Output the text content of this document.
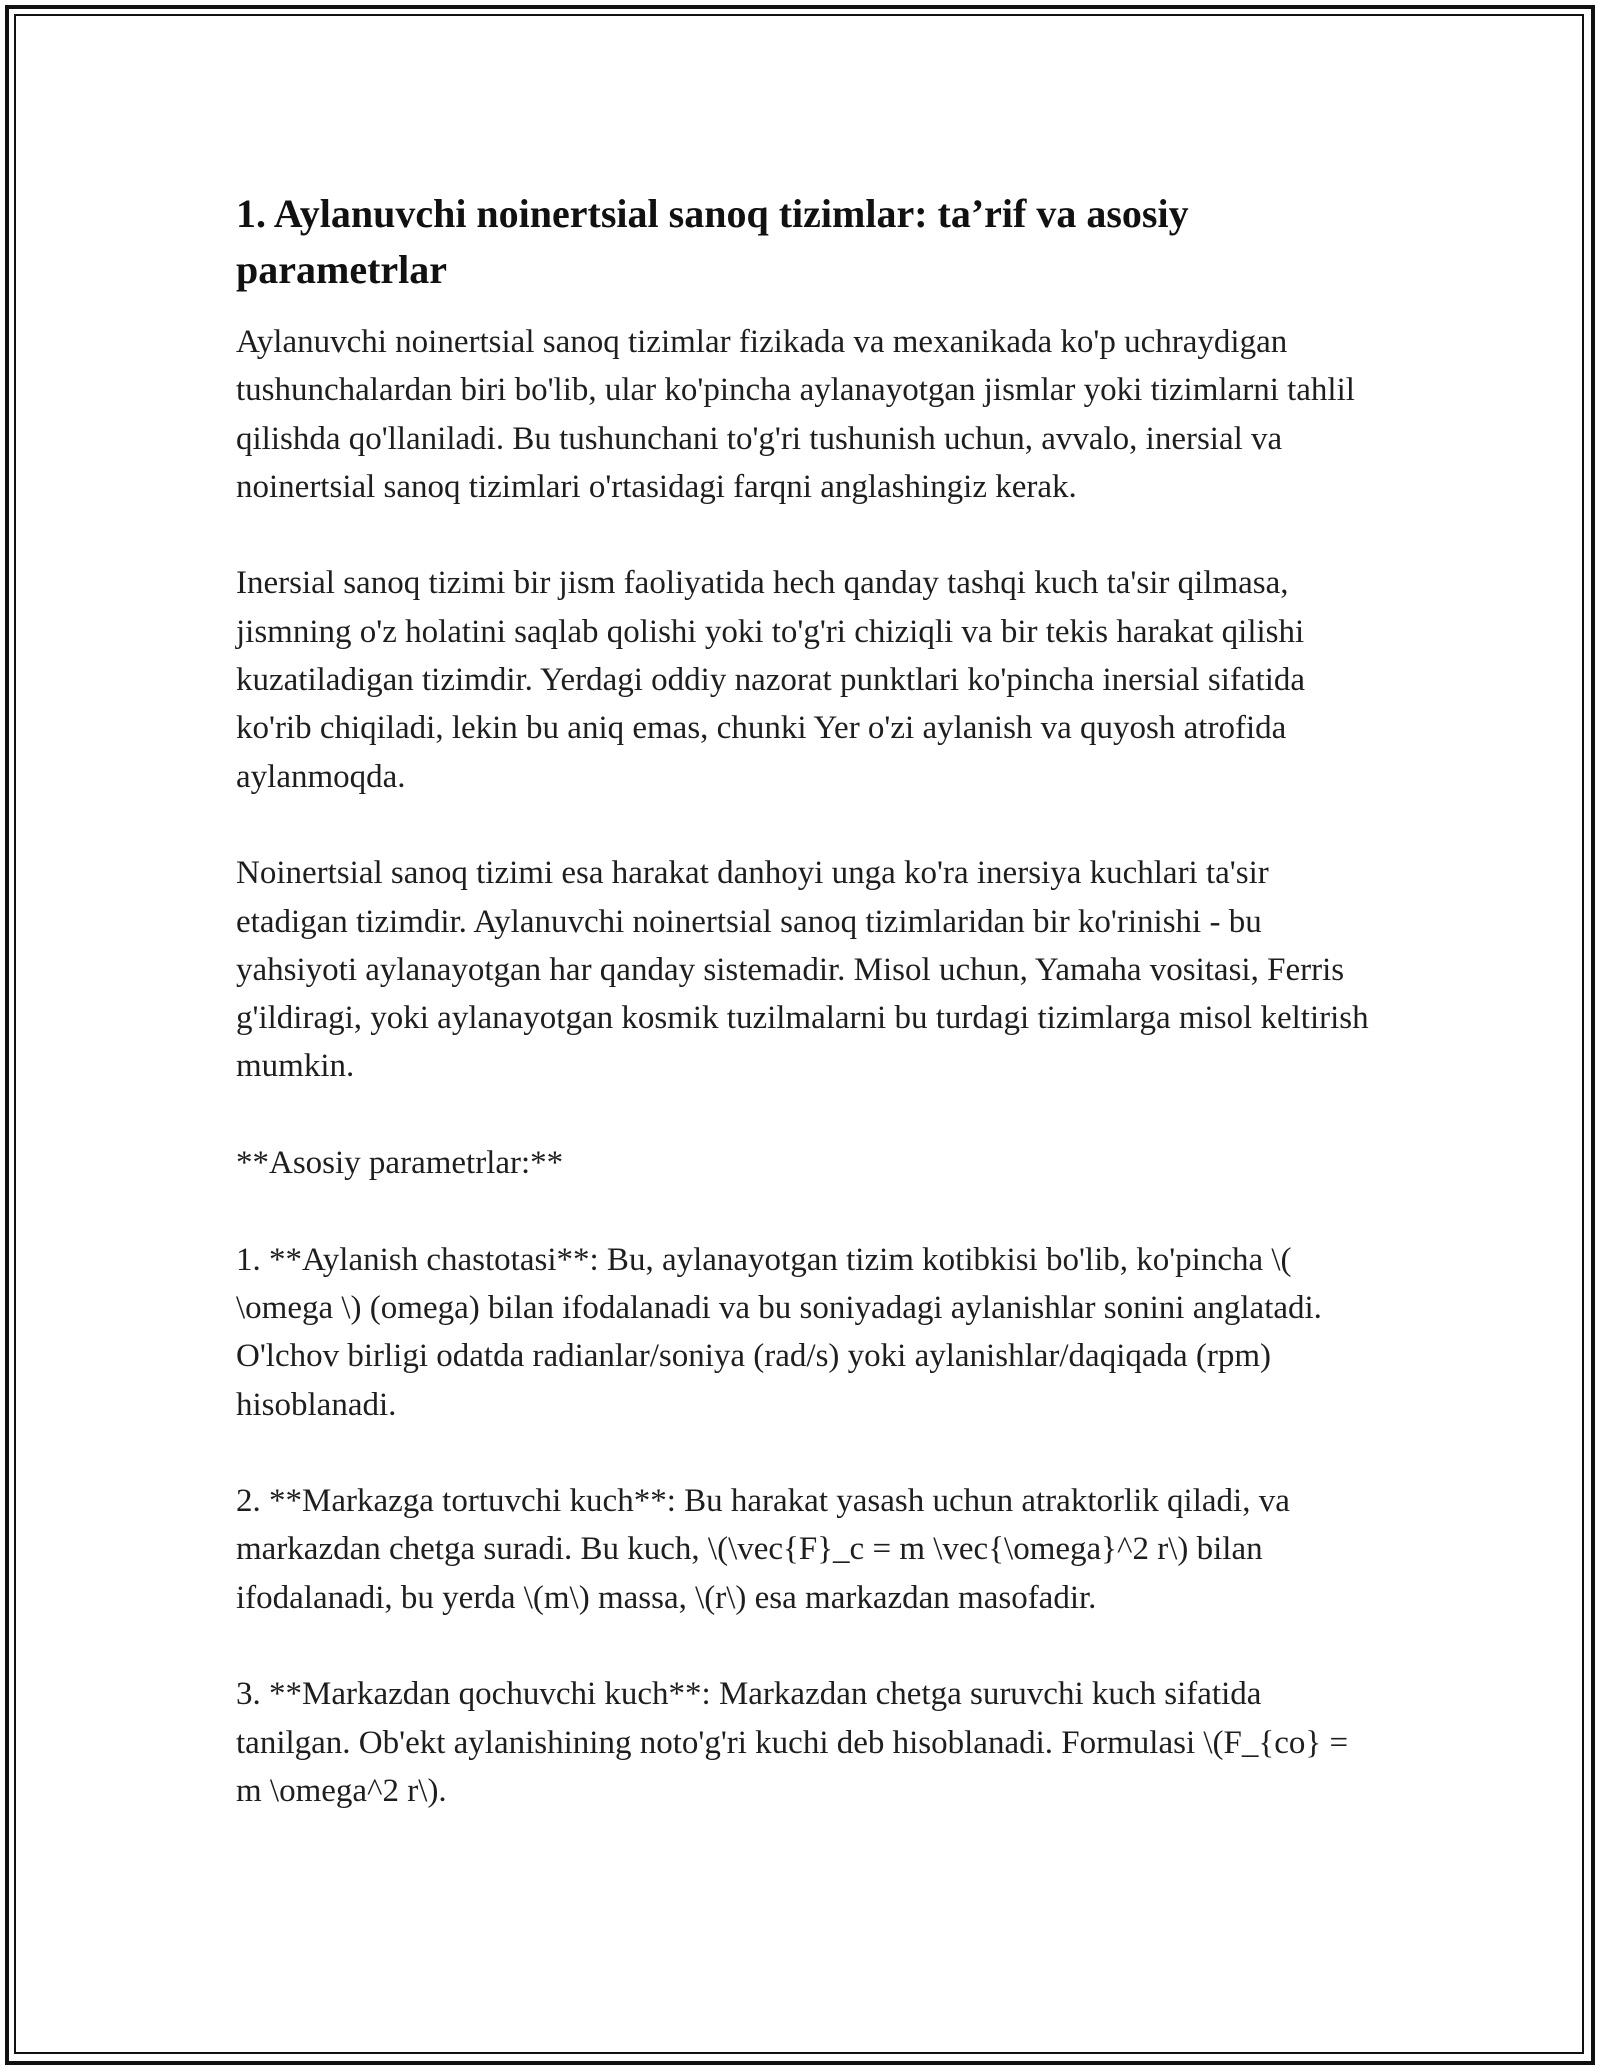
1. Aylanuvchi noinertsial sanoq tizimlar: ta’rif va asosiy parametrlar

Aylanuvchi noinertsial sanoq tizimlar fizikada va mexanikada ko'p uchraydigan tushunchalardan biri bo'lib, ular ko'pincha aylanayotgan jismlar yoki tizimlarni tahlil qilishda qo'llaniladi. Bu tushunchani to'g'ri tushunish uchun, avvalo, inersial va noinertsial sanoq tizimlari o'rtasidagi farqni anglashingiz kerak.

Inersial sanoq tizimi bir jism faoliyatida hech qanday tashqi kuch ta'sir qilmasa, jismning o'z holatini saqlab qolishi yoki to'g'ri chiziqli va bir tekis harakat qilishi kuzatiladigan tizimdir. Yerdagi oddiy nazorat punktlari ko'pincha inersial sifatida ko'rib chiqiladi, lekin bu aniq emas, chunki Yer o'zi aylanish va quyosh atrofida aylanmoqda.

Noinertsial sanoq tizimi esa harakat danhoyi unga ko'ra inersiya kuchlari ta'sir etadigan tizimdir. Aylanuvchi noinertsial sanoq tizimlaridan bir ko'rinishi - bu yahsiyoti aylanayotgan har qanday sistemadir. Misol uchun, Yamaha vositasi, Ferris g'ildiragi, yoki aylanayotgan kosmik tuzilmalarni bu turdagi tizimlarga misol keltirish mumkin.

**Asosiy parametrlar:**

1. **Aylanish chastotasi**: Bu, aylanayotgan tizim kotibkisi bo'lib, ko'pincha \( \omega \) (omega) bilan ifodalanadi va bu soniyadagi aylanishlar sonini anglatadi. O'lchov birligi odatda radianlar/soniya (rad/s) yoki aylanishlar/daqiqada (rpm) hisoblanadi.

2. **Markazga tortuvchi kuch**: Bu harakat yasash uchun atraktorlik qiladi, va markazdan chetga suradi. Bu kuch, \(\vec{F}_c = m \vec{\omega}^2 r\) bilan ifodalanadi, bu yerda \(m\) massa, \(r\) esa markazdan masofadir.

3. **Markazdan qochuvchi kuch**: Markazdan chetga suruvchi kuch sifatida tanilgan. Ob'ekt aylanishining noto'g'ri kuchi deb hisoblanadi. Formulasi \(F_{co} = m \omega^2 r\).
